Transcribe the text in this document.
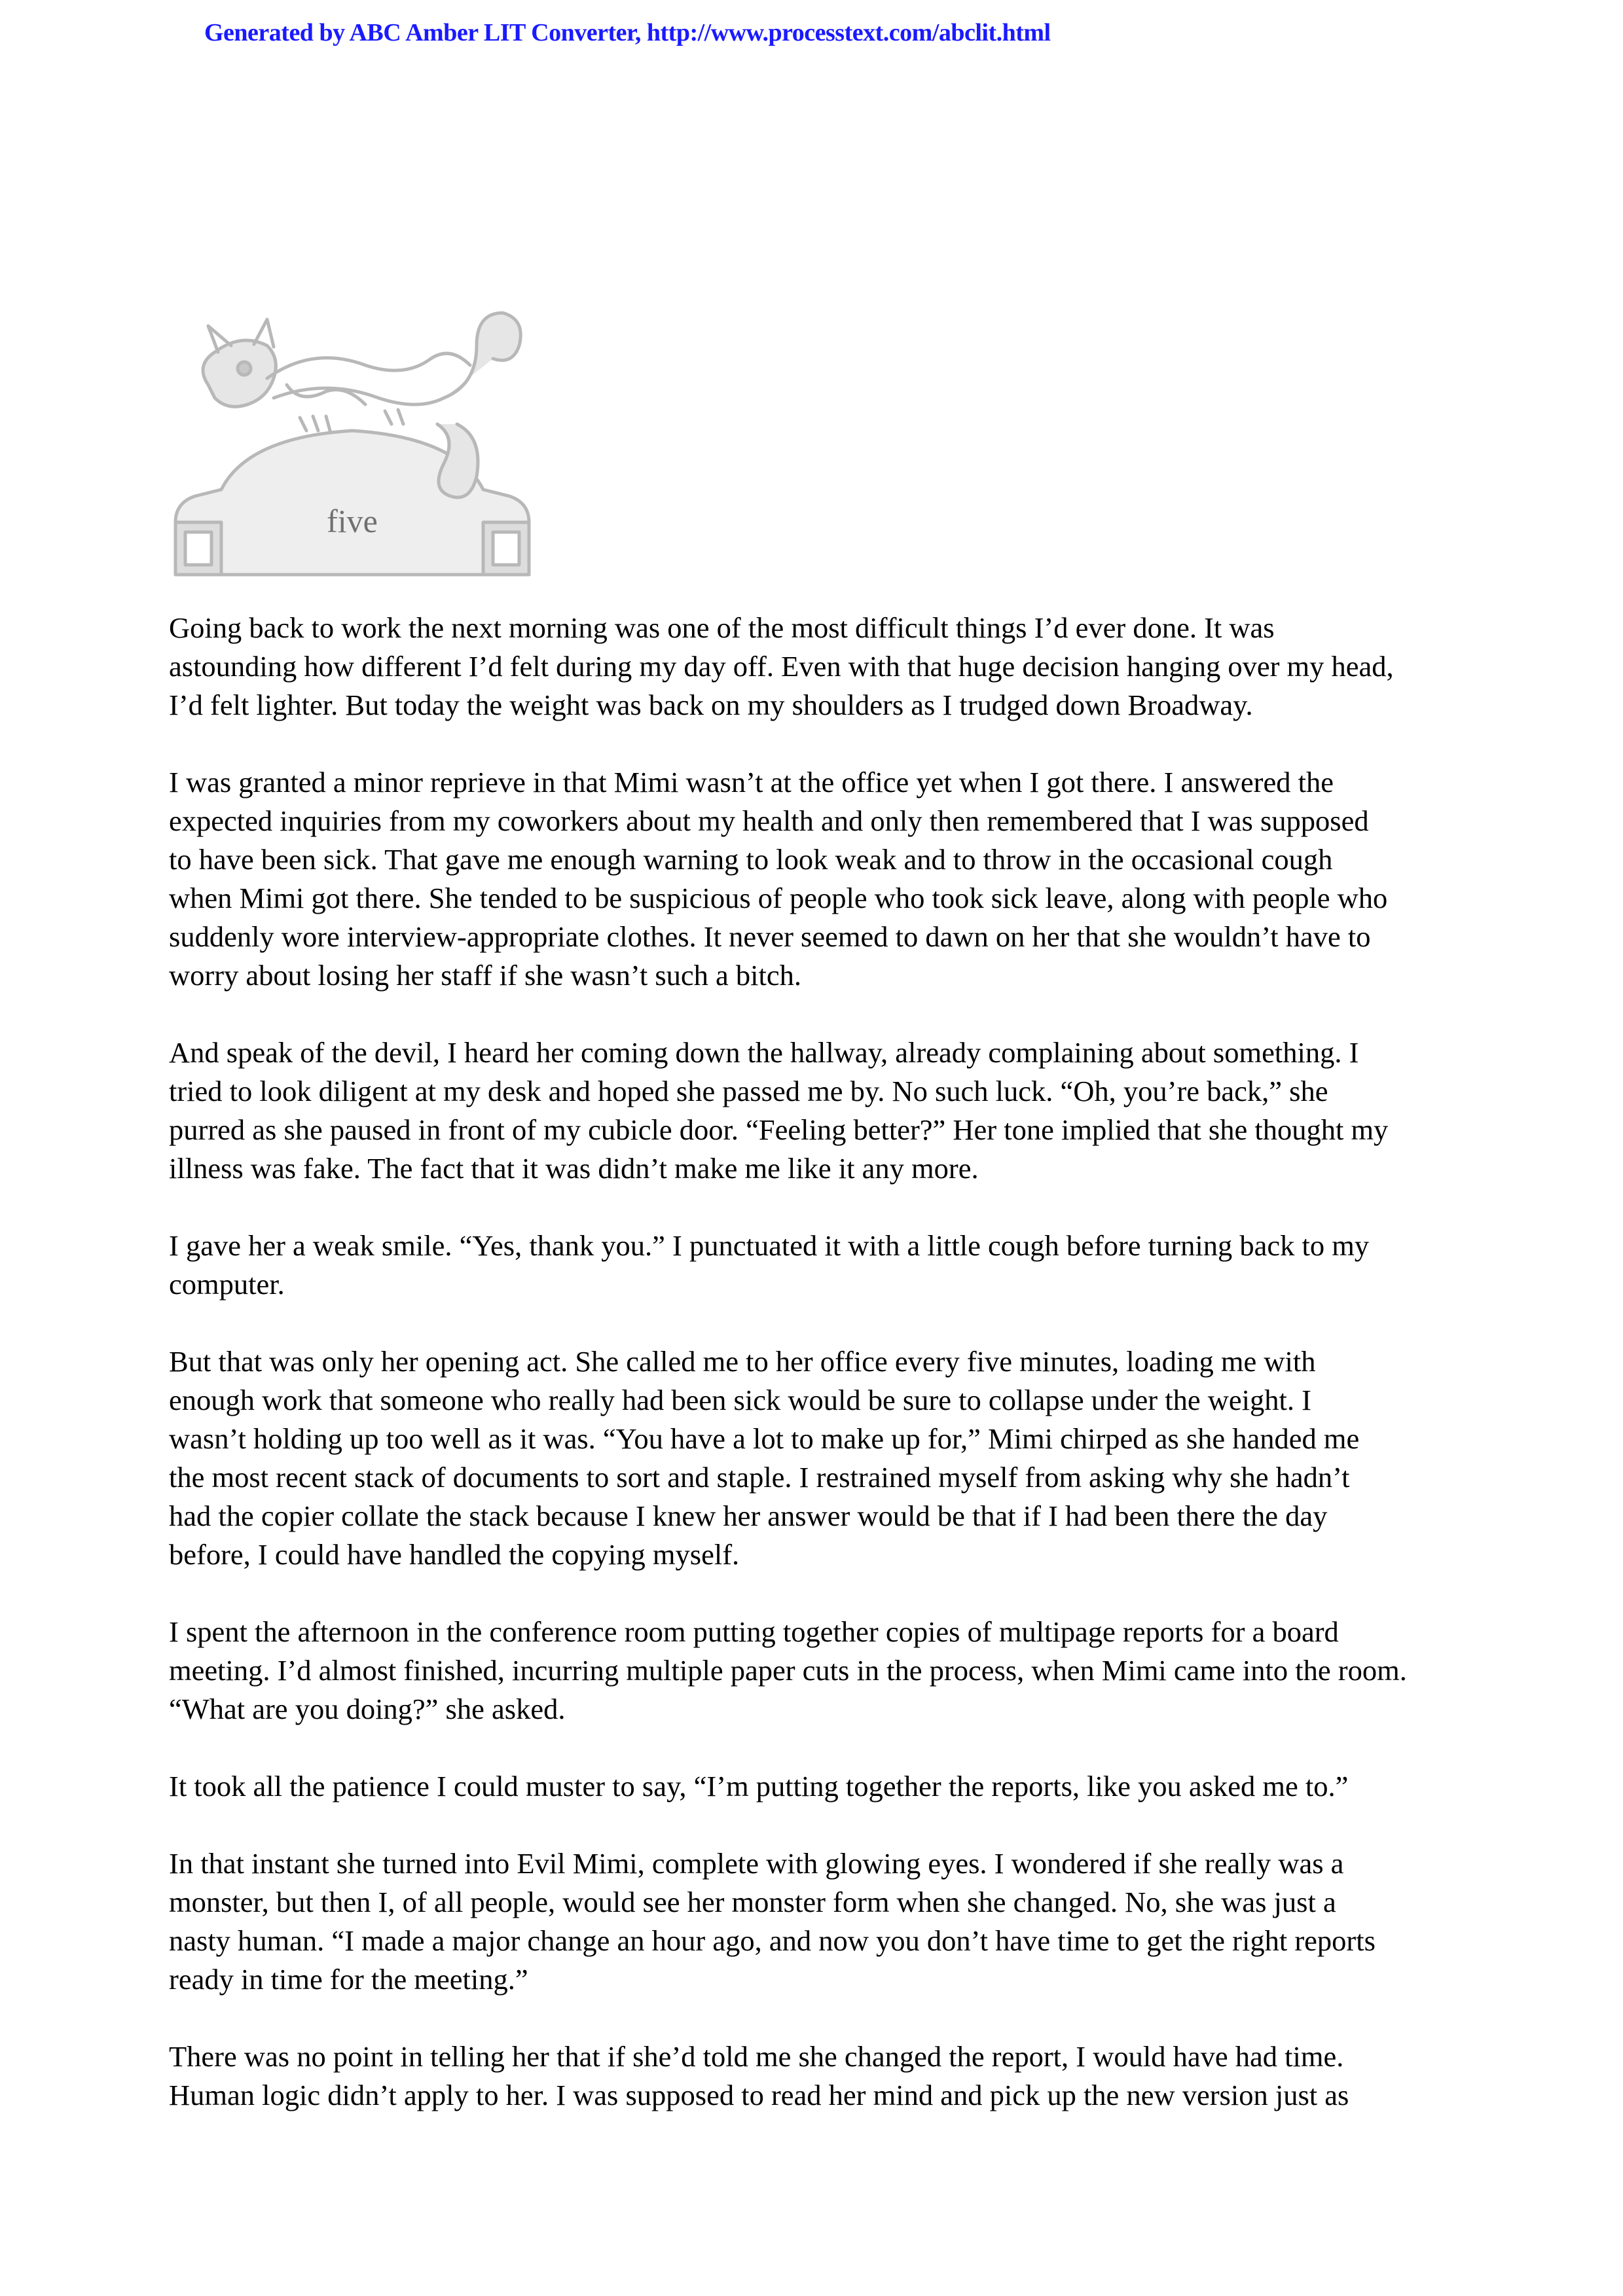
Generated by ABC Amber LIT Converter, http://www.processtext.com/abclit.html
five

Going back to work the next morning was one of the most difficult things I’d ever done. It was
astounding how different I’d felt during my day off. Even with that huge decision hanging over my head,
I’d felt lighter. But today the weight was back on my shoulders as I trudged down Broadway.

I was granted a minor reprieve in that Mimi wasn’t at the office yet when I got there. I answered the
expected inquiries from my coworkers about my health and only then remembered that I was supposed
to have been sick. That gave me enough warning to look weak and to throw in the occasional cough
when Mimi got there. She tended to be suspicious of people who took sick leave, along with people who
suddenly wore interview-appropriate clothes. It never seemed to dawn on her that she wouldn’t have to
worry about losing her staff if she wasn’t such a bitch.

And speak of the devil, I heard her coming down the hallway, already complaining about something. I
tried to look diligent at my desk and hoped she passed me by. No such luck. “Oh, you’re back,” she
purred as she paused in front of my cubicle door. “Feeling better?” Her tone implied that she thought my
illness was fake. The fact that it was didn’t make me like it any more.

I gave her a weak smile. “Yes, thank you.” I punctuated it with a little cough before turning back to my
computer.

But that was only her opening act. She called me to her office every five minutes, loading me with
enough work that someone who really had been sick would be sure to collapse under the weight. I
wasn’t holding up too well as it was. “You have a lot to make up for,” Mimi chirped as she handed me
the most recent stack of documents to sort and staple. I restrained myself from asking why she hadn’t
had the copier collate the stack because I knew her answer would be that if I had been there the day
before, I could have handled the copying myself.

I spent the afternoon in the conference room putting together copies of multipage reports for a board
meeting. I’d almost finished, incurring multiple paper cuts in the process, when Mimi came into the room.
“What are you doing?” she asked.

It took all the patience I could muster to say, “I’m putting together the reports, like you asked me to.”

In that instant she turned into Evil Mimi, complete with glowing eyes. I wondered if she really was a
monster, but then I, of all people, would see her monster form when she changed. No, she was just a
nasty human. “I made a major change an hour ago, and now you don’t have time to get the right reports
ready in time for the meeting.”

There was no point in telling her that if she’d told me she changed the report, I would have had time.
Human logic didn’t apply to her. I was supposed to read her mind and pick up the new version just as
